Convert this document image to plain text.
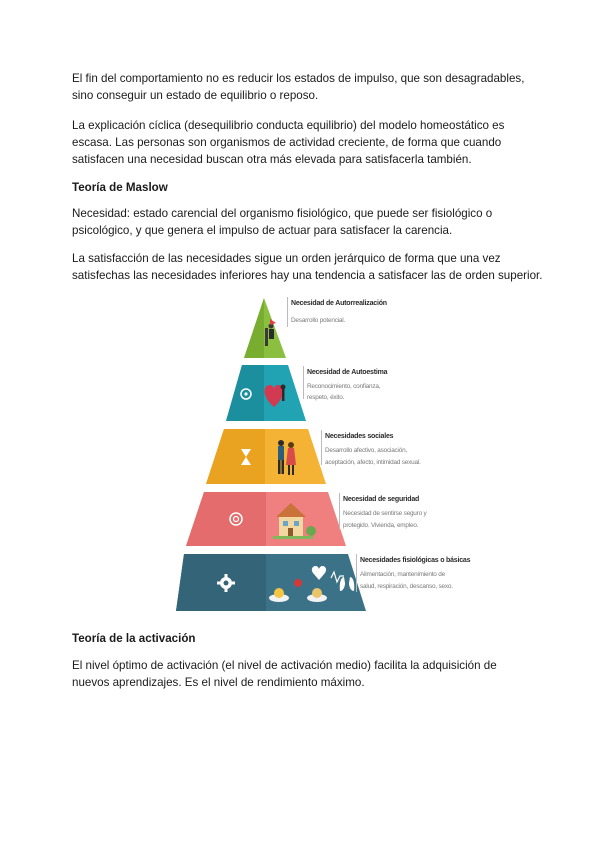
El fin del comportamiento no es reducir los estados de impulso, que son desagradables, sino conseguir un estado de equilibrio o reposo.

La explicación cíclica (desequilibrio conducta equilibrio) del modelo homeostático es escasa. Las personas son organismos de actividad creciente, de forma que cuando satisfacen una necesidad buscan otra más elevada para satisfacerla también.

Teoría de Maslow

Necesidad: estado carencial del organismo fisiológico, que puede ser fisiológico o psicológico, y que genera el impulso de actuar para satisfacer la carencia.

La satisfacción de las necesidades sigue un orden jerárquico de forma que una vez satisfechas las necesidades inferiores hay una tendencia a satisfacer las de orden superior.

Necesidad de Autorrealización
Desarrollo potencial.
Necesidad de Autoestima
Reconocimiento, confianza,
respeto, éxito.
Necesidades sociales
Desarrollo afectivo, asociación,
aceptación, afecto, intimidad sexual.
Necesidad de seguridad
Necesidad de sentirse seguro y
protegido. Vivienda, empleo.
Necesidades fisiológicas o básicas
Alimentación, mantenimiento de
salud, respiración, descanso, sexo.

Teoría de la activación

El nivel óptimo de activación (el nivel de activación medio) facilita la adquisición de nuevos aprendizajes. Es el nivel de rendimiento máximo.
